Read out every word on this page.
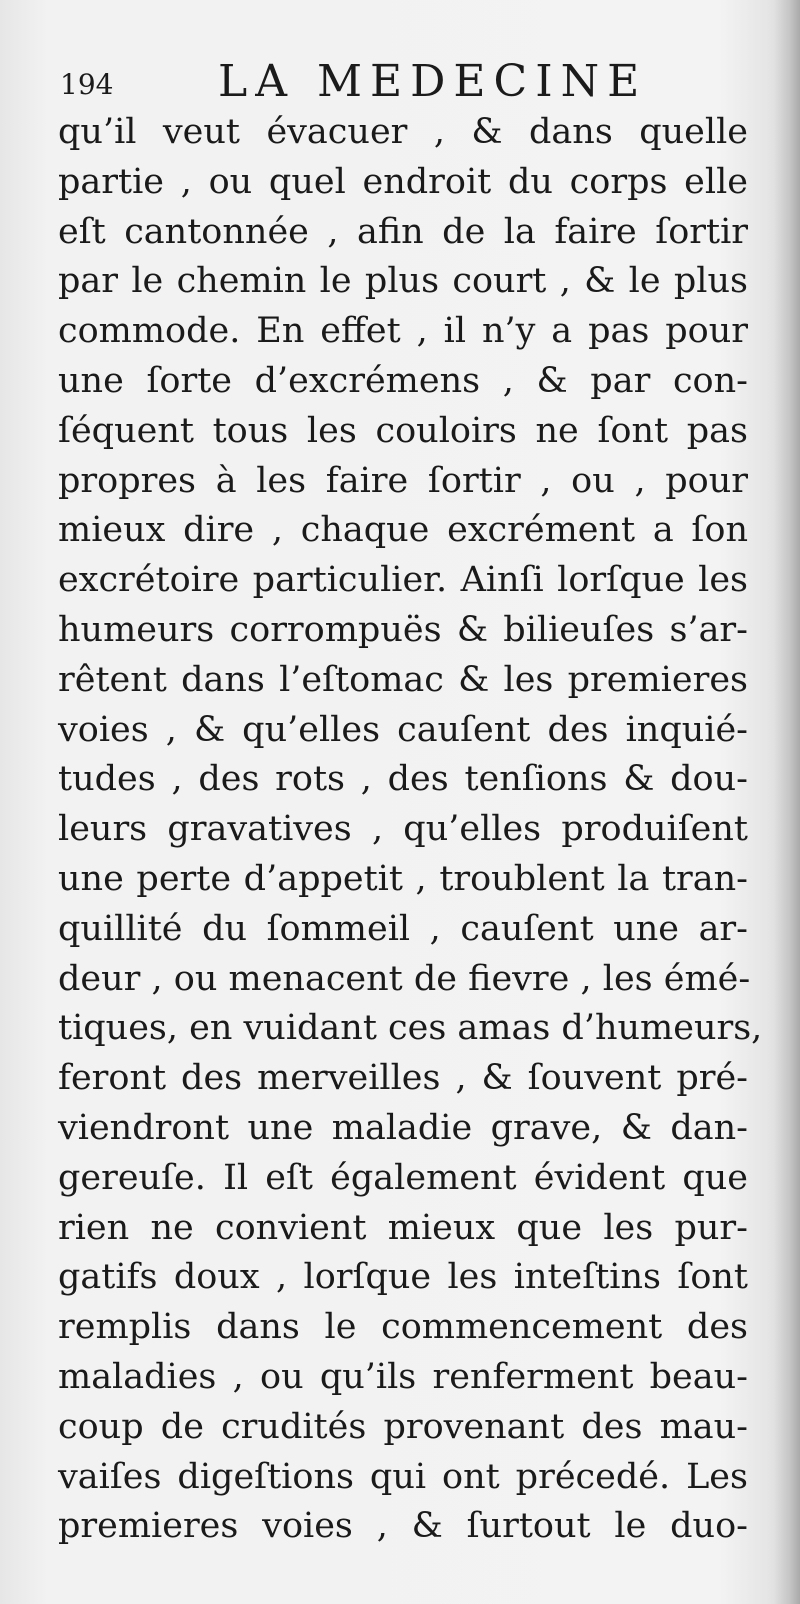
194 LA MEDECINE
qu’il veut évacuer , & dans quelle
partie , ou quel endroit du corps elle
eſt cantonnée , afin de la faire ſortir
par le chemin le plus court , & le plus
commode. En effet , il n’y a pas pour
une ſorte d’excrémens , & par con-
ſéquent tous les couloirs ne ſont pas
propres à les faire ſortir , ou , pour
mieux dire , chaque excrément a ſon
excrétoire particulier. Ainſi lorſque les
humeurs corrompuës & bilieuſes s’ar-
rêtent dans l’eſtomac & les premieres
voies , & qu’elles cauſent des inquié-
tudes , des rots , des tenſions & dou-
leurs gravatives , qu’elles produiſent
une perte d’appetit , troublent la tran-
quillité du ſommeil , cauſent une ar-
deur , ou menacent de fievre , les émé-
tiques, en vuidant ces amas d’humeurs,
feront des merveilles , & ſouvent pré-
viendront une maladie grave, & dan-
gereuſe. Il eſt également évident que
rien ne convient mieux que les pur-
gatifs doux , lorſque les inteſtins ſont
remplis dans le commencement des
maladies , ou qu’ils renferment beau-
coup de crudités provenant des mau-
vaiſes digeſtions qui ont précedé. Les
premieres voies , & ſurtout le duo-
